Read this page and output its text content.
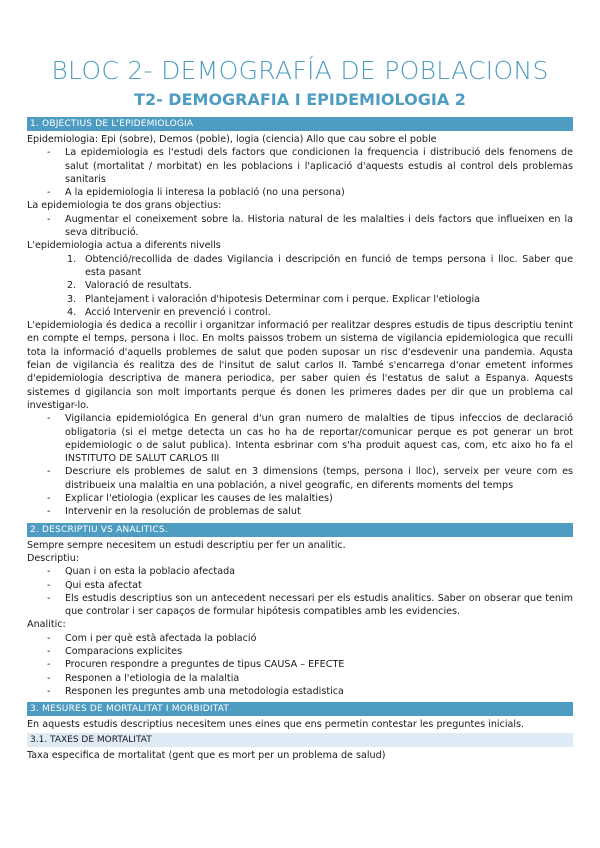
BLOC 2- DEMOGRAFÍA DE POBLACIONS
T2- DEMOGRAFIA I EPIDEMIOLOGIA 2
1. OBJECTIUS DE L'EPIDEMIOLOGIA
Epidemiologia: Epi (sobre), Demos (poble), logia (ciencia) Allo que cau sobre el poble
- La epidemiologia es l'estudi dels factors que condicionen la frequencia i distribució dels fenomens de salut (mortalitat / morbitat) en les poblacions i l'aplicació d'aquests estudis al control dels problemas sanitaris
- A la epidemiologia li interesa la població (no una persona)
La epidemiologia te dos grans objectius:
- Augmentar el coneixement sobre la. Historia natural de les malalties i dels factors que influeixen en la seva ditribució.
L'epidemiologia actua a diferents nivells
1. Obtenció/recollida de dades Vigilancia i descripción en funció de temps persona i lloc. Saber que esta pasant
2. Valoració de resultats.
3. Plantejament i valoración d'hipotesis Determinar com i perque. Explicar l'etiologia
4. Acció Intervenir en prevenció i control.
L'epidemiologia és dedica a recollir i organitzar informació per realitzar despres estudis de tipus descriptiu tenint en compte el temps, persona i lloc. En molts paissos trobem un sistema de vigilancia epidemiologica que reculli tota la informació d'aquells problemes de salut que poden suposar un risc d'esdevenir una pandemia. Aqusta feian de vigilancia és realitza des de l'insitut de salut carlos II. També s'encarrega d'onar emetent informes d'epidemiologia descriptiva de manera periodica, per saber quien és l'estatus de salut a Espanya. Aquests sistemes d gigilancia son molt importants perque és donen les primeres dades per dir que un problema cal investigar-lo.
- Vigilancia epidemiológica En general d'un gran numero de malalties de tipus infeccios de declaració obligatoria (si el metge detecta un cas ho ha de reportar/comunicar perque es pot generar un brot epidemiologic o de salut publica). Intenta esbrinar com s'ha produit aquest cas, com, etc aixo ho fa el INSTITUTO DE SALUT CARLOS III
- Descriure els problemes de salut en 3 dimensions (temps, persona i lloc), serveix per veure com es distribueix una malaltia en una población, a nivel geografic, en diferents moments del temps
- Explicar l'etiologia (explicar les causes de les malalties)
- Intervenir en la resolución de problemas de salut
2. DESCRIPTIU VS ANALITICS.
Sempre sempre necesitem un estudi descriptiu per fer un analitic.
Descriptiu:
- Quan i on esta la poblacio afectada
- Qui esta afectat
- Els estudis descriptius son un antecedent necessari per els estudis analitics. Saber on obserar que tenim que controlar i ser capaços de formular hipótesis compatibles amb les evidencies.
Analitic:
- Com i per què està afectada la població
- Comparacions explicites
- Procuren respondre a preguntes de tipus CAUSA – EFECTE
- Responen a l'etiologia de la malaltia
- Responen les preguntes amb una metodologia estadistica
3. MESURES DE MORTALITAT I MORBIDITAT
En aquests estudis descriptius necesitem unes eines que ens permetin contestar les preguntes inicials.
3.1. TAXES DE MORTALITAT
Taxa especifica de mortalitat (gent que es mort per un problema de salud)
